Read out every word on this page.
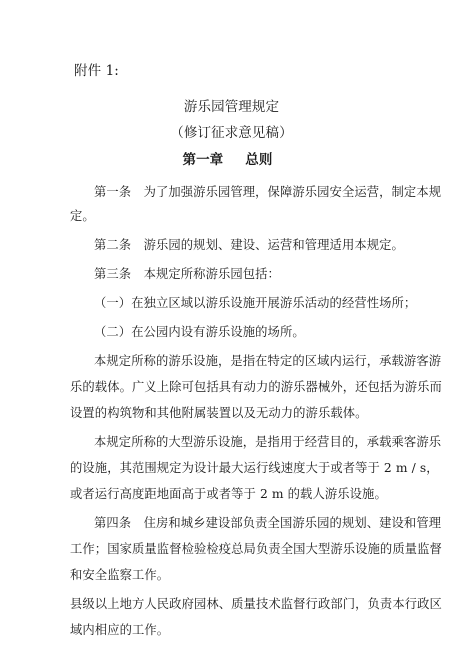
附件 1:
游乐园管理规定
（修订征求意见稿）
第一章 总则
第一条　为了加强游乐园管理，保障游乐园安全运营，制定本规
定。
第二条　游乐园的规划、建设、运营和管理适用本规定。
第三条　本规定所称游乐园包括：
（一）在独立区域以游乐设施开展游乐活动的经营性场所；
（二）在公园内设有游乐设施的场所。
本规定所称的游乐设施，是指在特定的区域内运行，承载游客游
乐的载体。广义上除可包括具有动力的游乐器械外，还包括为游乐而
设置的构筑物和其他附属装置以及无动力的游乐载体。
本规定所称的大型游乐设施，是指用于经营目的，承载乘客游乐
的设施，其范围规定为设计最大运行线速度大于或者等于 2 m / s，
或者运行高度距地面高于或者等于 2 m 的载人游乐设施。
第四条　住房和城乡建设部负责全国游乐园的规划、建设和管理
工作；国家质量监督检验检疫总局负责全国大型游乐设施的质量监督
和安全监察工作。
县级以上地方人民政府园林、质量技术监督行政部门，负责本行政区
域内相应的工作。
